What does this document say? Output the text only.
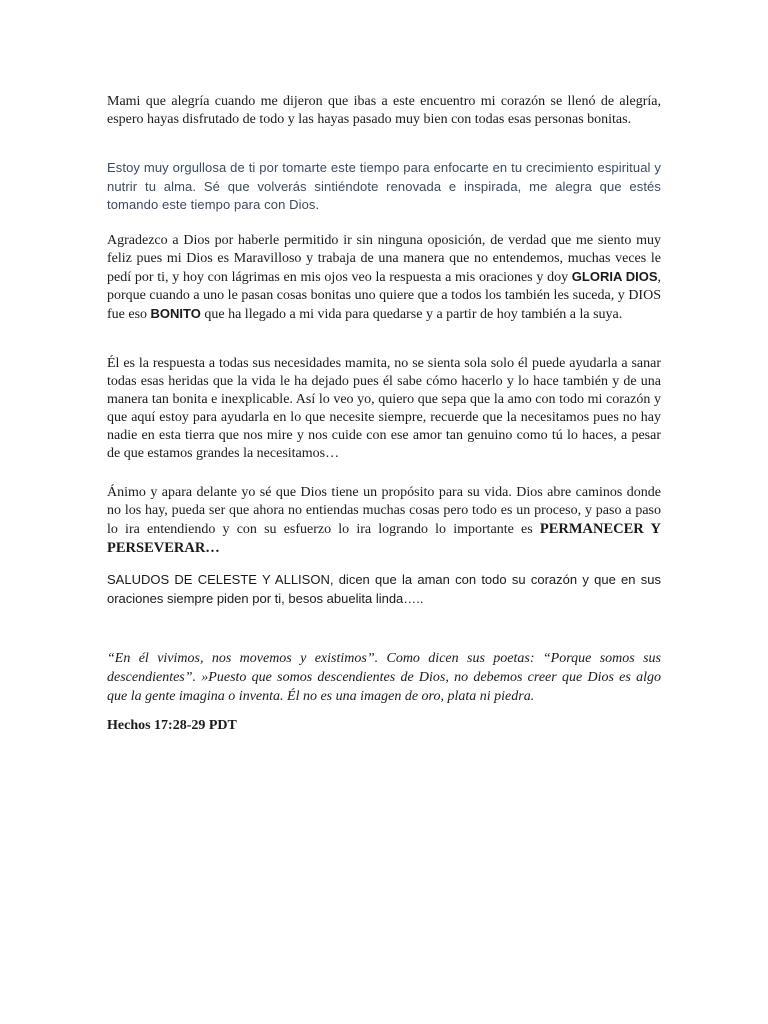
Mami que alegría cuando me dijeron que ibas a este encuentro mi corazón se llenó de alegría, espero hayas disfrutado de todo y las hayas pasado muy bien con todas esas personas bonitas.

Estoy muy orgullosa de ti por tomarte este tiempo para enfocarte en tu crecimiento espiritual y nutrir tu alma. Sé que volverás sintiéndote renovada e inspirada, me alegra que estés tomando este tiempo para con Dios.

Agradezco a Dios por haberle permitido ir sin ninguna oposición, de verdad que me siento muy feliz pues mi Dios es Maravilloso y trabaja de una manera que no entendemos, muchas veces le pedí por ti, y hoy con lágrimas en mis ojos veo la respuesta a mis oraciones y doy GLORIA DIOS, porque cuando a uno le pasan cosas bonitas uno quiere que a todos los también les suceda, y DIOS fue eso BONITO que ha llegado a mi vida para quedarse y a partir de hoy también a la suya.

Él es la respuesta a todas sus necesidades mamita, no se sienta sola solo él puede ayudarla a sanar todas esas heridas que la vida le ha dejado pues él sabe cómo hacerlo y lo hace también y de una manera tan bonita e inexplicable. Así lo veo yo, quiero que sepa que la amo con todo mi corazón y que aquí estoy para ayudarla en lo que necesite siempre, recuerde que la necesitamos pues no hay nadie en esta tierra que nos mire y nos cuide con ese amor tan genuino como tú lo haces, a pesar de que estamos grandes la necesitamos…

Ánimo y apara delante yo sé que Dios tiene un propósito para su vida. Dios abre caminos donde no los hay, pueda ser que ahora no entiendas muchas cosas pero todo es un proceso, y paso a paso lo ira entendiendo y con su esfuerzo lo ira logrando lo importante es PERMANECER Y PERSEVERAR…

SALUDOS DE CELESTE Y ALLISON, dicen que la aman con todo su corazón y que en sus oraciones siempre piden por ti, besos abuelita linda…..

“En él vivimos, nos movemos y existimos”. Como dicen sus poetas: “Porque somos sus descendientes”. »Puesto que somos descendientes de Dios, no debemos creer que Dios es algo que la gente imagina o inventa. Él no es una imagen de oro, plata ni piedra.

Hechos 17:28-29 PDT
